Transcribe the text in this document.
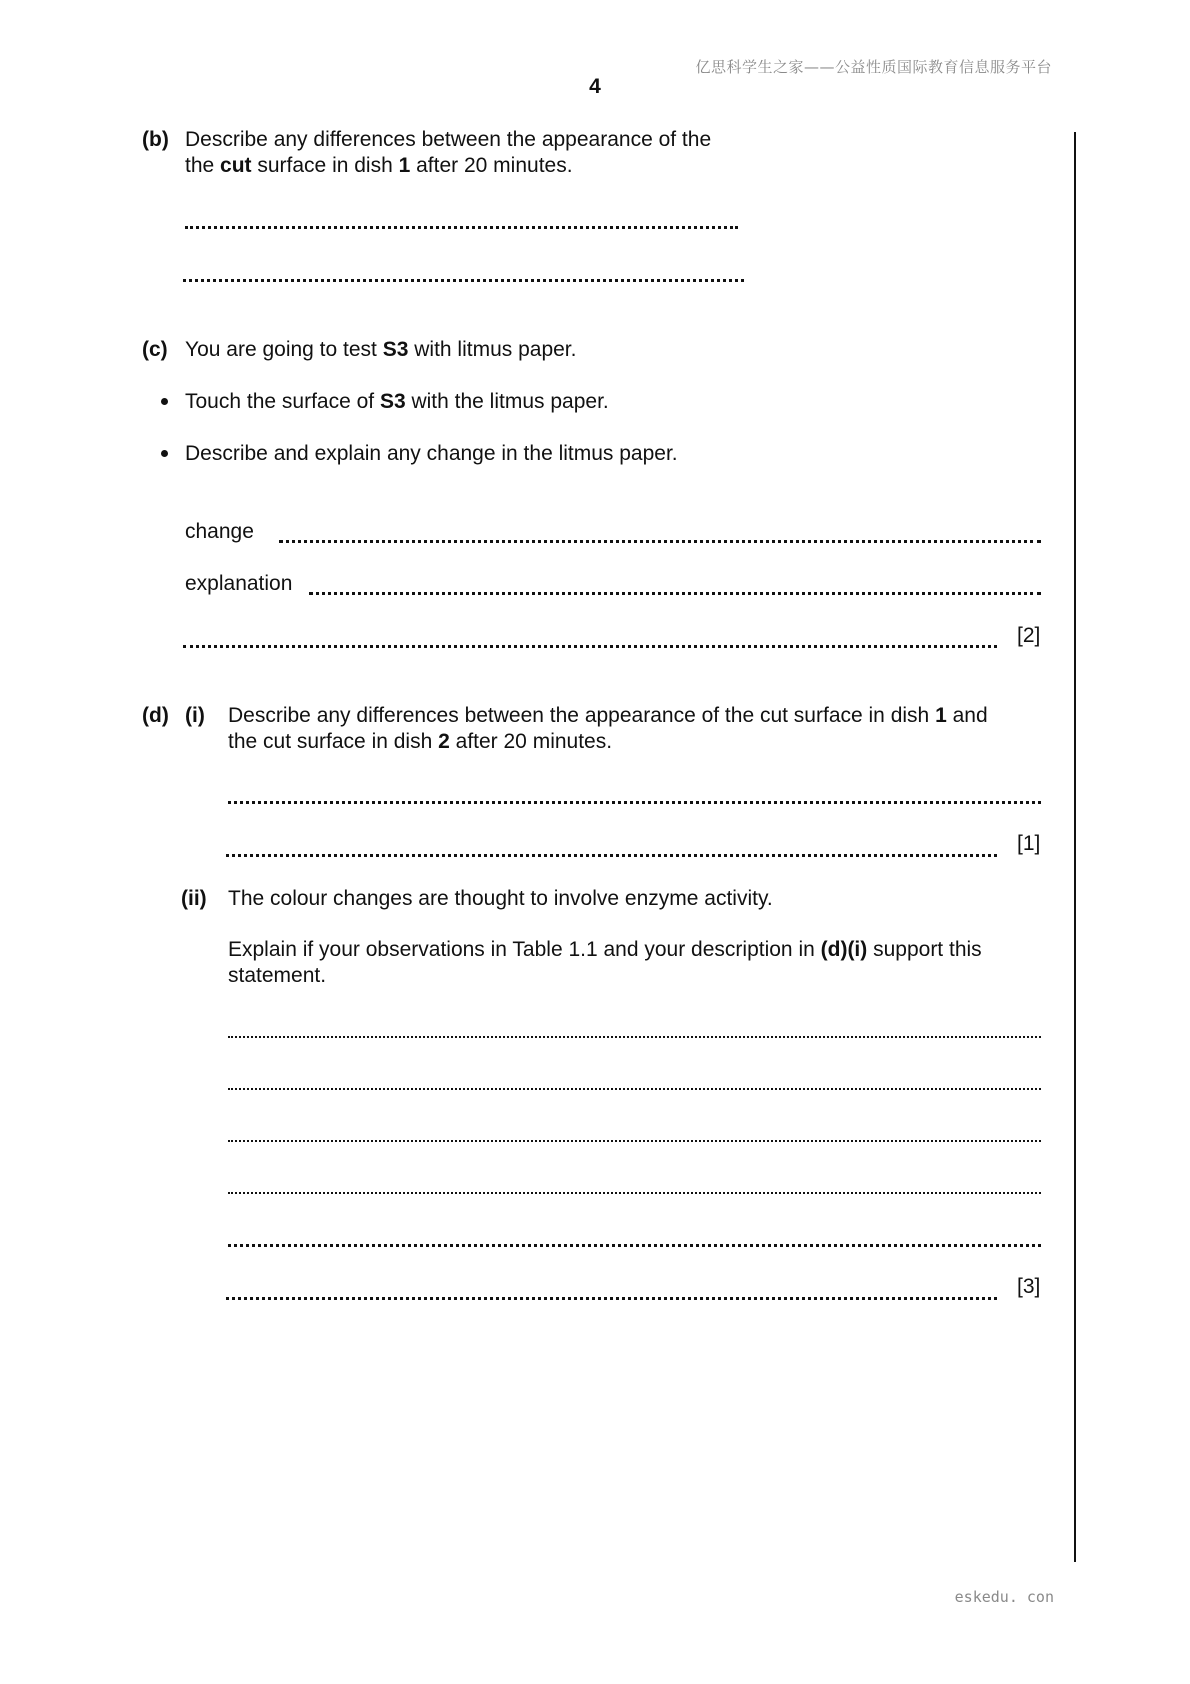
亿思科学生之家——公益性质国际教育信息服务平台
4
eskedu. con
(b) Describe any differences between the appearance of the
the cut surface in dish 1 after 20 minutes.
(c) You are going to test S3 with litmus paper.
Touch the surface of S3 with the litmus paper.
Describe and explain any change in the litmus paper.
change
explanation
[2]
(d) (i) Describe any differences between the appearance of the cut surface in dish 1 and
the cut surface in dish 2 after 20 minutes.
[1]
(ii) The colour changes are thought to involve enzyme activity.
Explain if your observations in Table 1.1 and your description in (d)(i) support this
statement.
[3]
